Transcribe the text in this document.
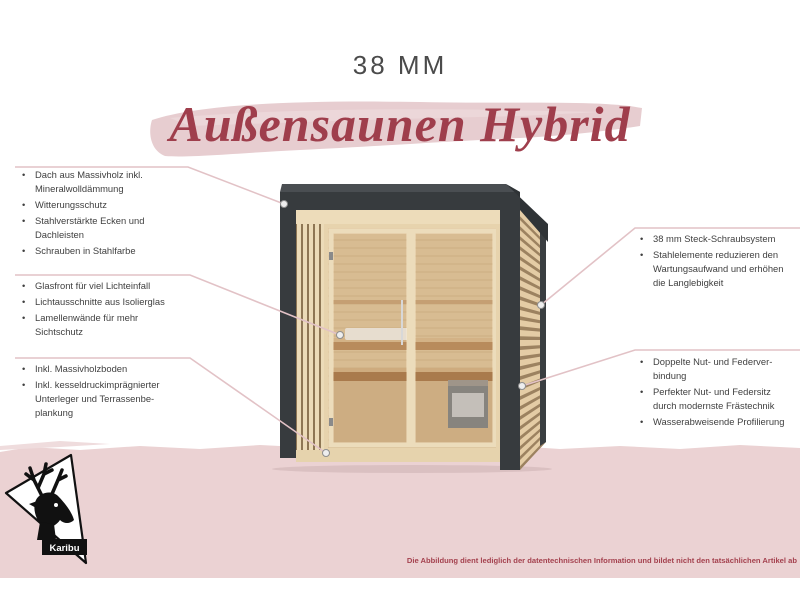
Karibu
38 MM
Außensaunen Hybrid
• Dach aus Massivholz inkl.
Mineralwolldämmung
• Witterungsschutz
• Stahlverstärkte Ecken und
Dachleisten
• Schrauben in Stahlfarbe
• Glasfront für viel Lichteinfall
• Lichtausschnitte aus Isolierglas
• Lamellenwände für mehr
Sichtschutz
• Inkl. Massivholzboden
• Inkl. kesseldruckimprägnierter
Unterleger und Terrassenbe-
plankung
• 38 mm Steck-Schraubsystem
• Stahlelemente reduzieren den
Wartungsaufwand und erhöhen
die Langlebigkeit
• Doppelte Nut- und Federver-
bindung
• Perfekter Nut- und Federsitz
durch modernste Frästechnik
• Wasserabweisende Profilierung
Die Abbildung dient lediglich der datentechnischen Information und bildet nicht den tatsächlichen Artikel ab
